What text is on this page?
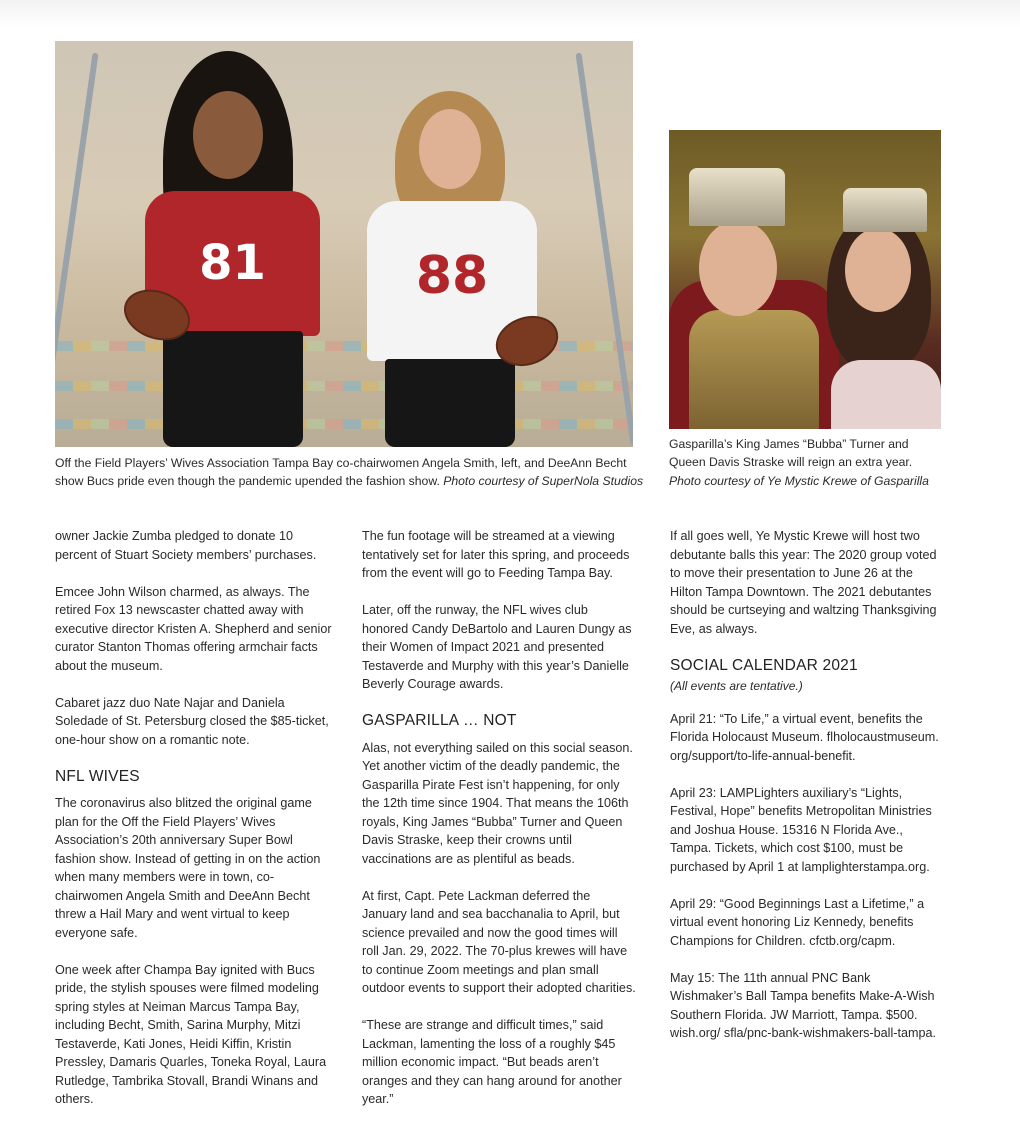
81	88
Off the Field Players’ Wives Association Tampa Bay co-chairwomen Angela Smith, left, and DeeAnn Becht show Bucs pride even though the pandemic upended the fashion show. Photo courtesy of SuperNola Studios
Gasparilla’s King James “Bubba” Turner and Queen Davis Straske will reign an extra year.
Photo courtesy of Ye Mystic Krewe of Gasparilla

owner Jackie Zumba pledged to donate 10 percent of Stuart Society members’ purchases.

Emcee John Wilson charmed, as always. The retired Fox 13 newscaster chatted away with executive director Kristen A. Shepherd and senior curator Stanton Thomas offering armchair facts about the museum.

Cabaret jazz duo Nate Najar and Daniela Soledade of St. Petersburg closed the $85-ticket, one-hour show on a romantic note.

NFL WIVES

The coronavirus also blitzed the original game plan for the Off the Field Players’ Wives Association’s 20th anniversary Super Bowl fashion show. Instead of getting in on the action when many members were in town, co-chairwomen Angela Smith and DeeAnn Becht threw a Hail Mary and went virtual to keep everyone safe.

One week after Champa Bay ignited with Bucs pride, the stylish spouses were filmed modeling spring styles at Neiman Marcus Tampa Bay, including Becht, Smith, Sarina Murphy, Mitzi Testaverde, Kati Jones, Heidi Kiffin, Kristin Pressley, Damaris Quarles, Toneka Royal, Laura Rutledge, Tambrika Stovall, Brandi Winans and others.

The fun footage will be streamed at a viewing tentatively set for later this spring, and proceeds from the event will go to Feeding Tampa Bay.

Later, off the runway, the NFL wives club honored Candy DeBartolo and Lauren Dungy as their Women of Impact 2021 and presented Testaverde and Murphy with this year’s Danielle Beverly Courage awards.

GASPARILLA … NOT

Alas, not everything sailed on this social season. Yet another victim of the deadly pandemic, the Gasparilla Pirate Fest isn’t happening, for only the 12th time since 1904. That means the 106th royals, King James “Bubba” Turner and Queen Davis Straske, keep their crowns until vaccinations are as plentiful as beads.

At first, Capt. Pete Lackman deferred the January land and sea bacchanalia to April, but science prevailed and now the good times will roll Jan. 29, 2022. The 70-plus krewes will have to continue Zoom meetings and plan small outdoor events to support their adopted charities.

“These are strange and difficult times,” said Lackman, lamenting the loss of a roughly $45 million economic impact. “But beads aren’t oranges and they can hang around for another year.”

If all goes well, Ye Mystic Krewe will host two debutante balls this year: The 2020 group voted to move their presentation to June 26 at the Hilton Tampa Downtown. The 2021 debutantes should be curtseying and waltzing Thanksgiving Eve, as always.

SOCIAL CALENDAR 2021
(All events are tentative.)

April 21: “To Life,” a virtual event, benefits the Florida Holocaust Museum. flholocaustmuseum. org/support/to-life-annual-benefit.

April 23: LAMPLighters auxiliary’s “Lights, Festival, Hope” benefits Metropolitan Ministries and Joshua House. 15316 N Florida Ave., Tampa. Tickets, which cost $100, must be purchased by April 1 at lamplighterstampa.org.

April 29: “Good Beginnings Last a Lifetime,” a virtual event honoring Liz Kennedy, benefits Champions for Children. cfctb.org/capm.

May 15: The 11th annual PNC Bank Wishmaker’s Ball Tampa benefits Make-A-Wish Southern Florida. JW Marriott, Tampa. $500. wish.org/ sfla/pnc-bank-wishmakers-ball-tampa.
